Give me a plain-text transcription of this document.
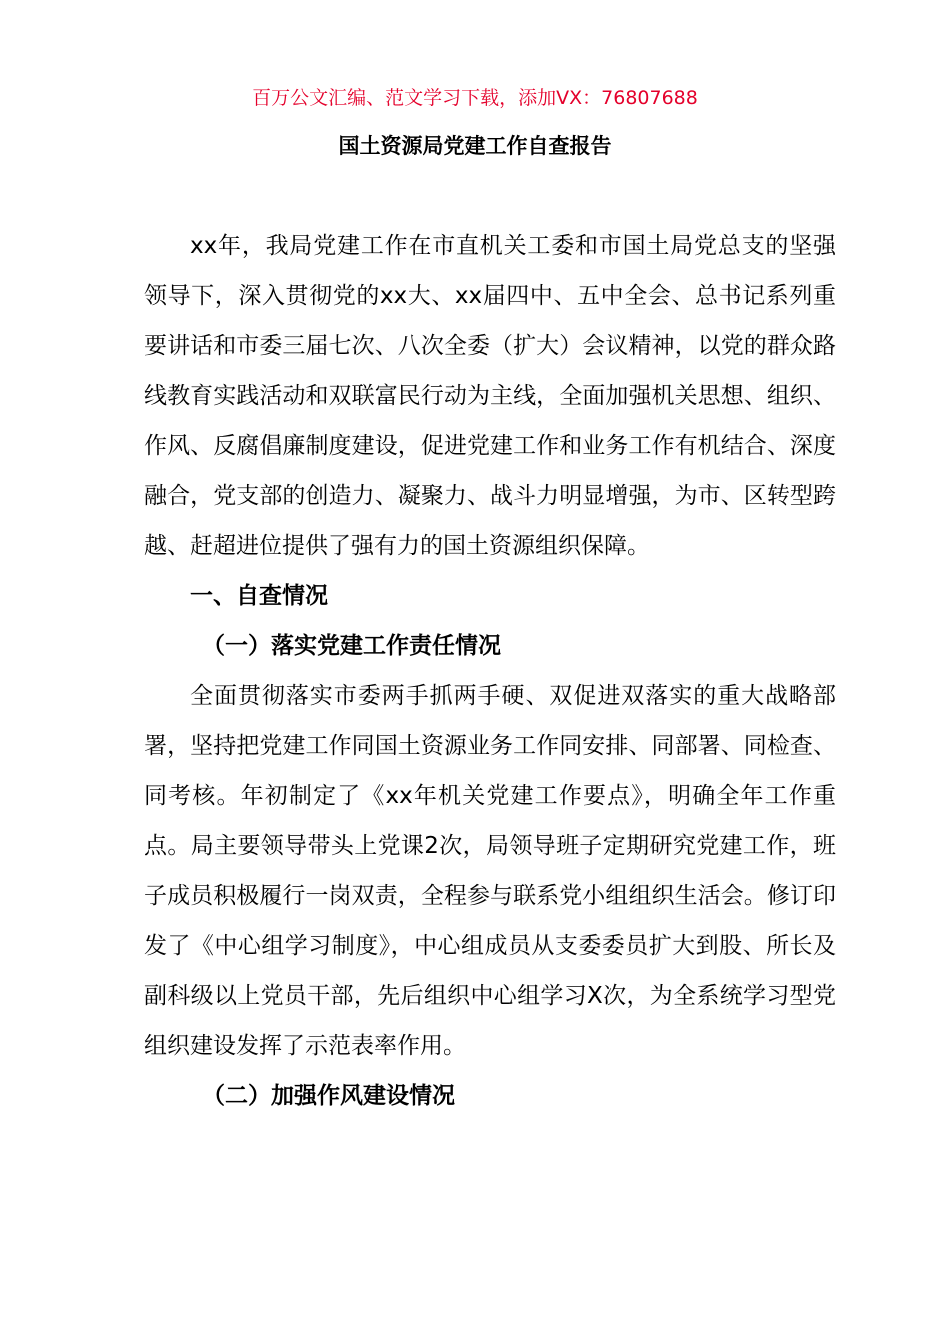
百万公文汇编、范文学习下载，添加VX：76807688
国土资源局党建工作自查报告

xx年，我局党建工作在市直机关工委和市国土局党总支的坚强领导下，深入贯彻党的xx大、xx届四中、五中全会、总书记系列重要讲话和市委三届七次、八次全委（扩大）会议精神，以党的群众路线教育实践活动和双联富民行动为主线，全面加强机关思想、组织、作风、反腐倡廉制度建设，促进党建工作和业务工作有机结合、深度融合，党支部的创造力、凝聚力、战斗力明显增强，为市、区转型跨越、赶超进位提供了强有力的国土资源组织保障。

一、自查情况

（一）落实党建工作责任情况

全面贯彻落实市委两手抓两手硬、双促进双落实的重大战略部署，坚持把党建工作同国土资源业务工作同安排、同部署、同检查、同考核。年初制定了《xx年机关党建工作要点》，明确全年工作重点。局主要领导带头上党课2次，局领导班子定期研究党建工作，班子成员积极履行一岗双责，全程参与联系党小组组织生活会。修订印发了《中心组学习制度》，中心组成员从支委委员扩大到股、所长及副科级以上党员干部，先后组织中心组学习X次，为全系统学习型党组织建设发挥了示范表率作用。

（二）加强作风建设情况
